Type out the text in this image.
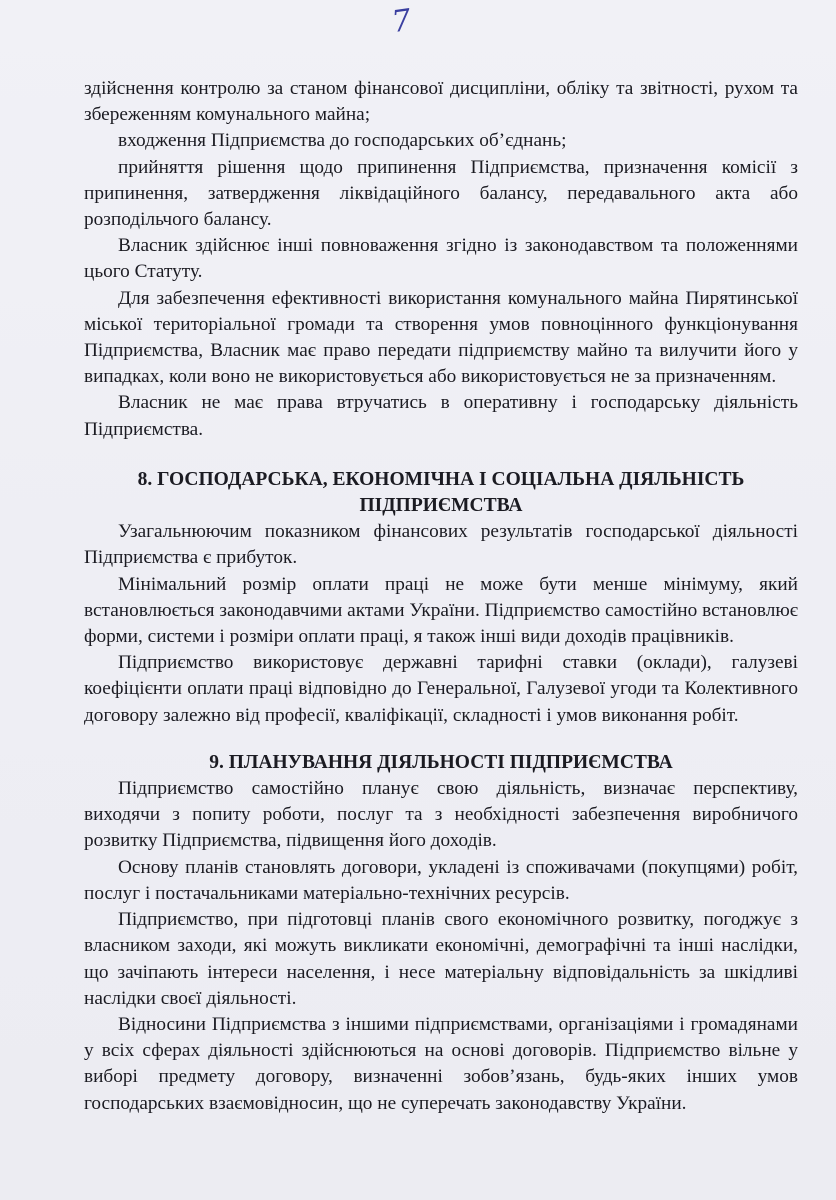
7

здійснення контролю за станом фінансової дисципліни, обліку та звітності, рухом та збереженням комунального майна;

входження Підприємства до господарських об’єднань;

прийняття рішення щодо припинення Підприємства, призначення комісії з припинення, затвердження ліквідаційного балансу, передавального акта або розподільчого балансу.

Власник здійснює інші повноваження згідно із законодавством та положеннями цього Статуту.

Для забезпечення ефективності використання комунального майна Пирятинської міської територіальної громади та створення умов повноцінного функціонування Підприємства, Власник має право передати підприємству майно та вилучити його у випадках, коли воно не використовується або використовується не за призначенням.

Власник не має права втручатись в оперативну і господарську діяльність Підприємства.

8. ГОСПОДАРСЬКА, ЕКОНОМІЧНА І СОЦІАЛЬНА ДІЯЛЬНІСТЬ ПІДПРИЄМСТВА

Узагальнюючим показником фінансових результатів господарської діяльності Підприємства є прибуток.

Мінімальний розмір оплати праці не може бути менше мінімуму, який встановлюється законодавчими актами України. Підприємство самостійно встановлює форми, системи і розміри оплати праці, я також інші види доходів працівників.

Підприємство використовує державні тарифні ставки (оклади), галузеві коефіцієнти оплати праці відповідно до Генеральної, Галузевої угоди та Колективного договору залежно від професії, кваліфікації, складності і умов виконання робіт.

9. ПЛАНУВАННЯ ДІЯЛЬНОСТІ ПІДПРИЄМСТВА

Підприємство самостійно планує свою діяльність, визначає перспективу, виходячи з попиту роботи, послуг та з необхідності забезпечення виробничого розвитку Підприємства, підвищення його доходів.

Основу планів становлять договори, укладені із споживачами (покупцями) робіт, послуг і постачальниками матеріально-технічних ресурсів.

Підприємство, при підготовці планів свого економічного розвитку, погоджує з власником заходи, які можуть викликати економічні, демографічні та інші наслідки, що зачіпають інтереси населення, і несе матеріальну відповідальність за шкідливі наслідки своєї діяльності.

Відносини Підприємства з іншими підприємствами, організаціями і громадянами у всіх сферах діяльності здійснюються на основі договорів. Підприємство вільне у виборі предмету договору, визначенні зобов’язань, будь-яких інших умов господарських взаємовідносин, що не суперечать законодавству України.
